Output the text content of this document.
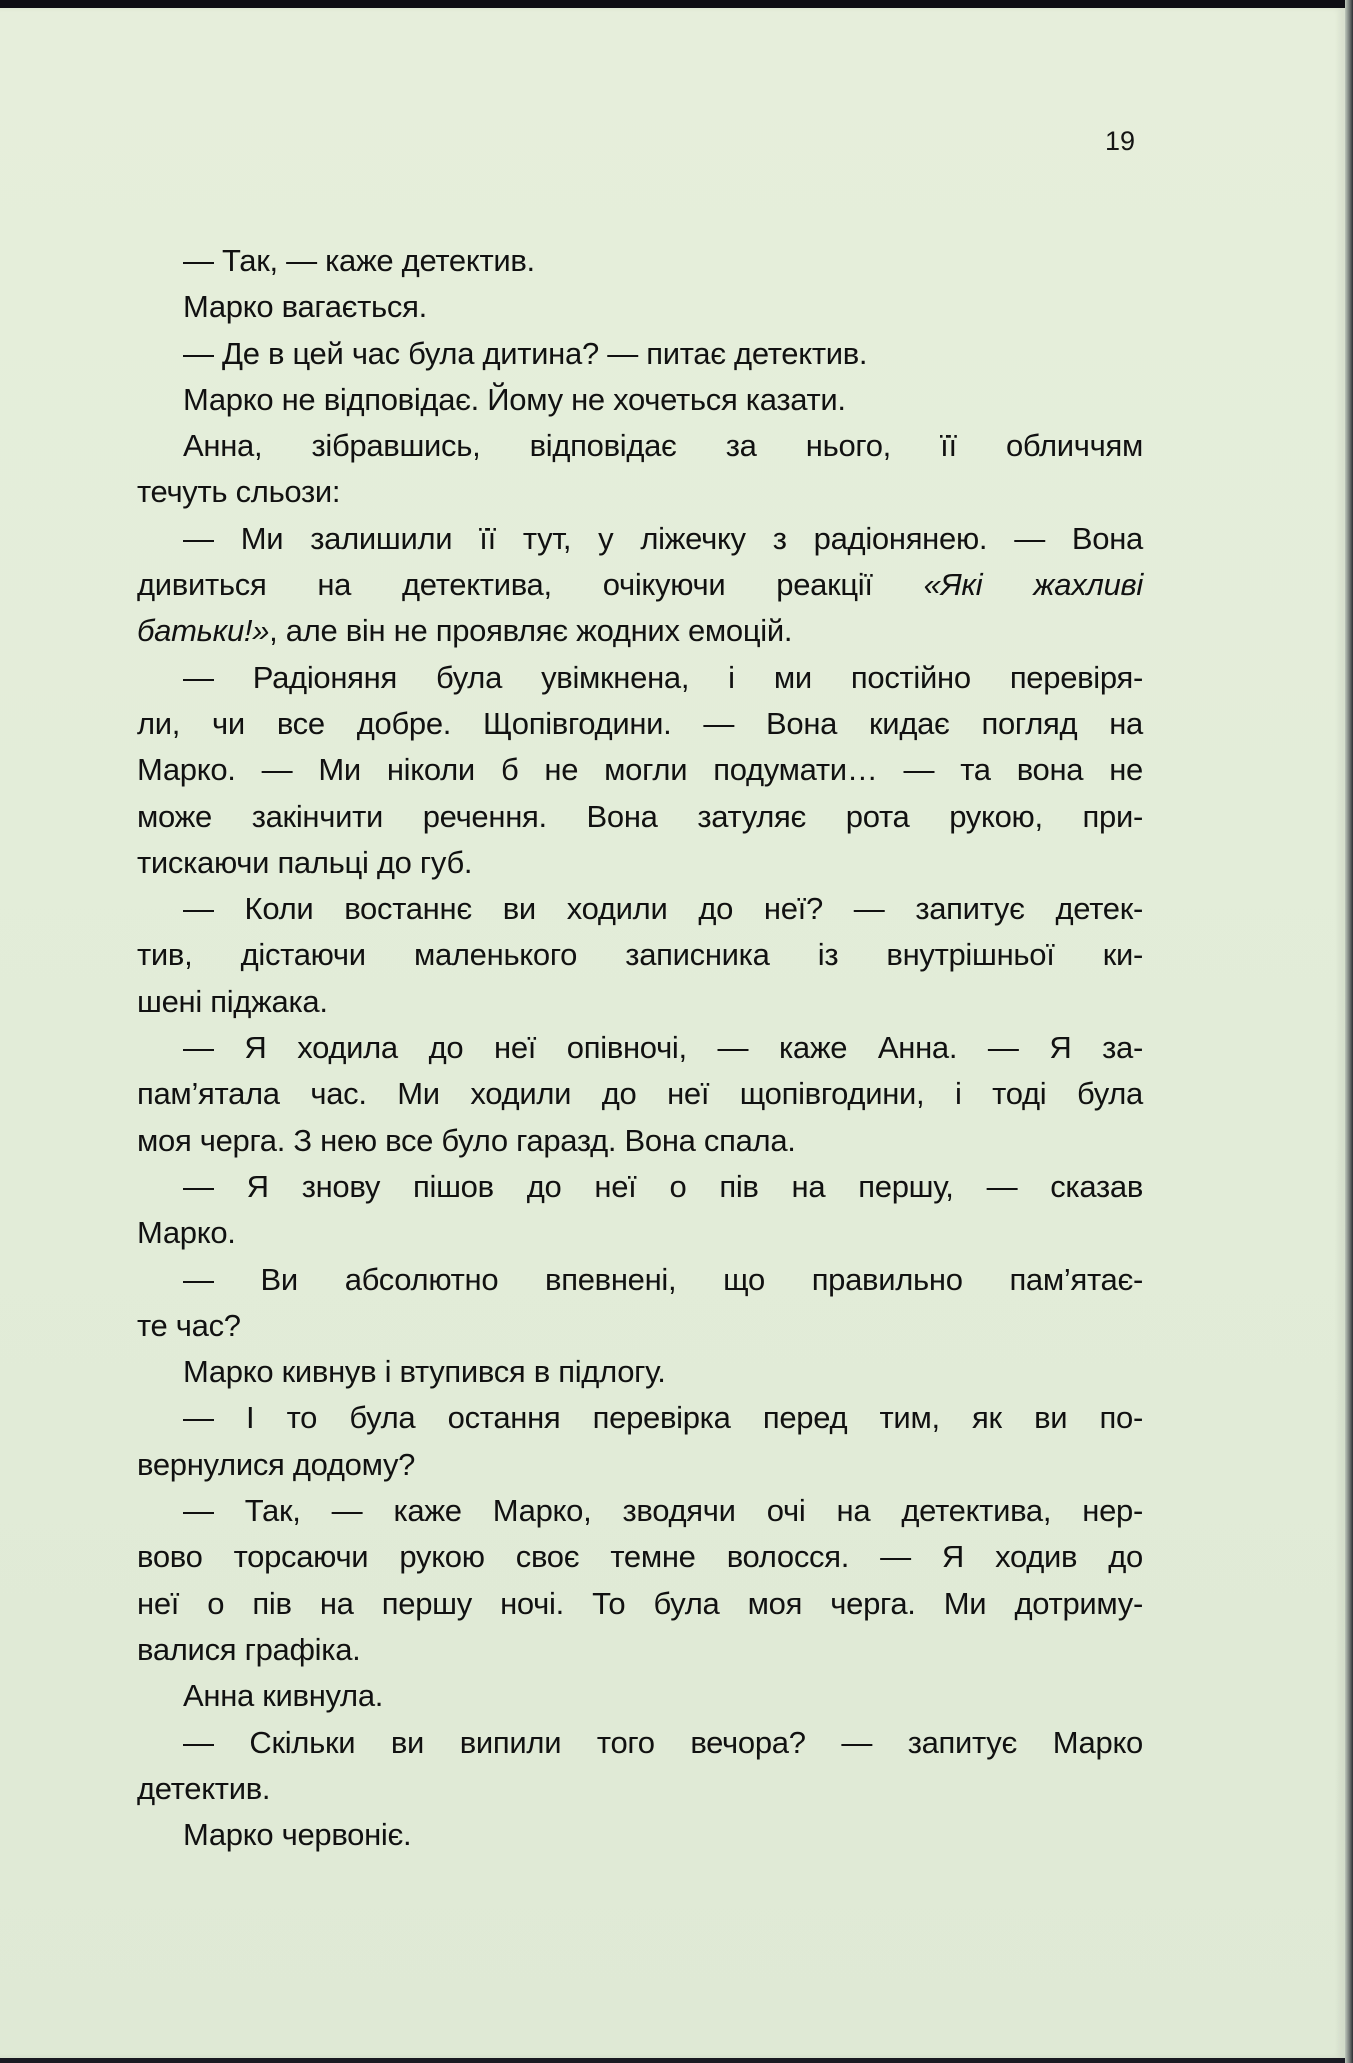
19
— Так, — каже детектив.
Марко вагається.
— Де в цей час була дитина? — питає детектив.
Марко не відповідає. Йому не хочеться казати.
Анна, зібравшись, відповідає за нього, її обличчям
течуть сльози:
— Ми залишили її тут, у ліжечку з радіонянею. — Вона
дивиться на детектива, очікуючи реакції «Які жахливі
батьки!», але він не проявляє жодних емоцій.
— Радіоняня була увімкнена, і ми постійно перевіря-
ли, чи все добре. Щопівгодини. — Вона кидає погляд на
Марко. — Ми ніколи б не могли подумати… — та вона не
може закінчити речення. Вона затуляє рота рукою, при-
тискаючи пальці до губ.
— Коли востаннє ви ходили до неї? — запитує детек-
тив, дістаючи маленького записника із внутрішньої ки-
шені піджака.
— Я ходила до неї опівночі, — каже Анна. — Я за-
пам’ятала час. Ми ходили до неї щопівгодини, і тоді була
моя черга. З нею все було гаразд. Вона спала.
— Я знову пішов до неї о пів на першу, — сказав
Марко.
— Ви абсолютно впевнені, що правильно пам’ятає-
те час?
Марко кивнув і втупився в підлогу.
— І то була остання перевірка перед тим, як ви по-
вернулися додому?
— Так, — каже Марко, зводячи очі на детектива, нер-
вово торсаючи рукою своє темне волосся. — Я ходив до
неї о пів на першу ночі. То була моя черга. Ми дотриму-
валися графіка.
Анна кивнула.
— Скільки ви випили того вечора? — запитує Марко
детектив.
Марко червоніє.
